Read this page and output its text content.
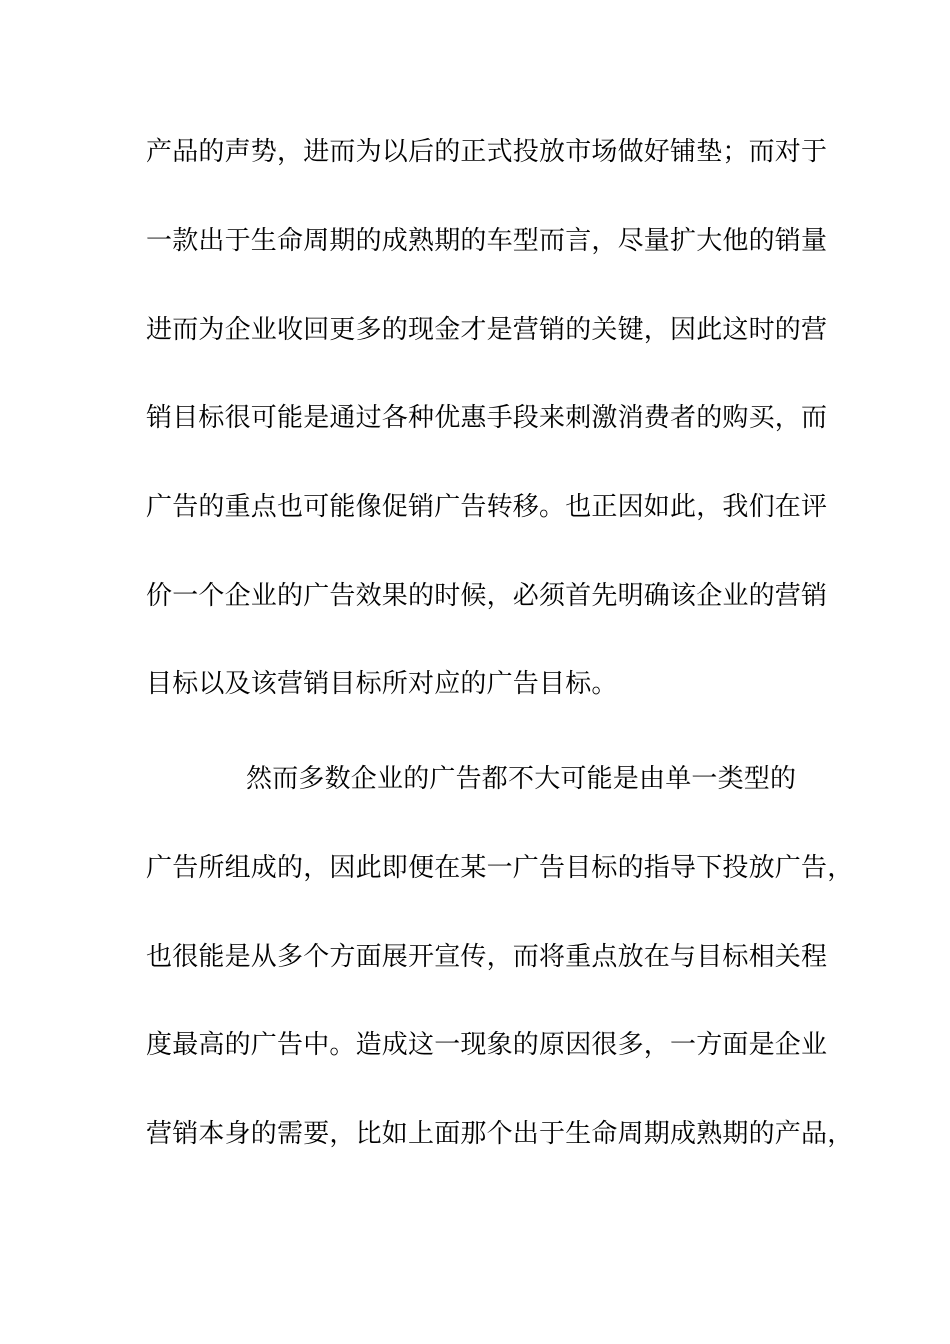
产品的声势，进而为以后的正式投放市场做好铺垫；而对于
一款出于生命周期的成熟期的车型而言，尽量扩大他的销量
进而为企业收回更多的现金才是营销的关键，因此这时的营
销目标很可能是通过各种优惠手段来刺激消费者的购买，而
广告的重点也可能像促销广告转移。也正因如此，我们在评
价一个企业的广告效果的时候，必须首先明确该企业的营销
目标以及该营销目标所对应的广告目标。
然而多数企业的广告都不大可能是由单一类型的
广告所组成的，因此即便在某一广告目标的指导下投放广告，
也很能是从多个方面展开宣传，而将重点放在与目标相关程
度最高的广告中。造成这一现象的原因很多，一方面是企业
营销本身的需要，比如上面那个出于生命周期成熟期的产品，
